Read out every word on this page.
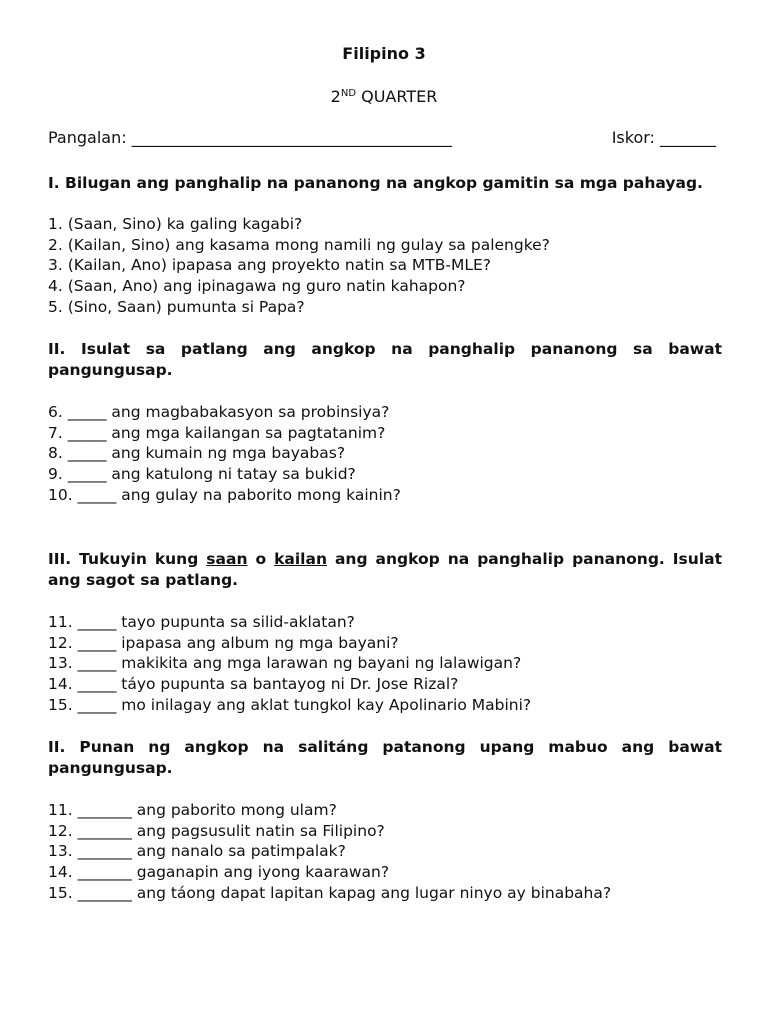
Filipino 3
2ND QUARTER
Pangalan: ________________________________________	Iskor: _______
I. Bilugan ang panghalip na pananong na angkop gamitin sa mga pahayag.
1. (Saan, Sino) ka galing kagabi?
2. (Kailan, Sino) ang kasama mong namili ng gulay sa palengke?
3. (Kailan, Ano) ipapasa ang proyekto natin sa MTB-MLE?
4. (Saan, Ano) ang ipinagawa ng guro natin kahapon?
5. (Sino, Saan) pumunta si Papa?
II. Isulat sa patlang ang angkop na panghalip pananong sa bawat pangungusap.
6. _____ ang magbabakasyon sa probinsiya?
7. _____ ang mga kailangan sa pagtatanim?
8. _____ ang kumain ng mga bayabas?
9. _____ ang katulong ni tatay sa bukid?
10. _____ ang gulay na paborito mong kainin?
III. Tukuyin kung saan o kailan ang angkop na panghalip pananong. Isulat ang sagot sa patlang.
11. _____ tayo pupunta sa silid-aklatan?
12. _____ ipapasa ang album ng mga bayani?
13. _____ makikita ang mga larawan ng bayani ng lalawigan?
14. _____ táyo pupunta sa bantayog ni Dr. Jose Rizal?
15. _____ mo inilagay ang aklat tungkol kay Apolinario Mabini?
II. Punan ng angkop na salitáng patanong upang mabuo ang bawat pangungusap.
11. _______ ang paborito mong ulam?
12. _______ ang pagsusulit natin sa Filipino?
13. _______ ang nanalo sa patimpalak?
14. _______ gaganapin ang iyong kaarawan?
15. _______ ang táong dapat lapitan kapag ang lugar ninyo ay binabaha?
